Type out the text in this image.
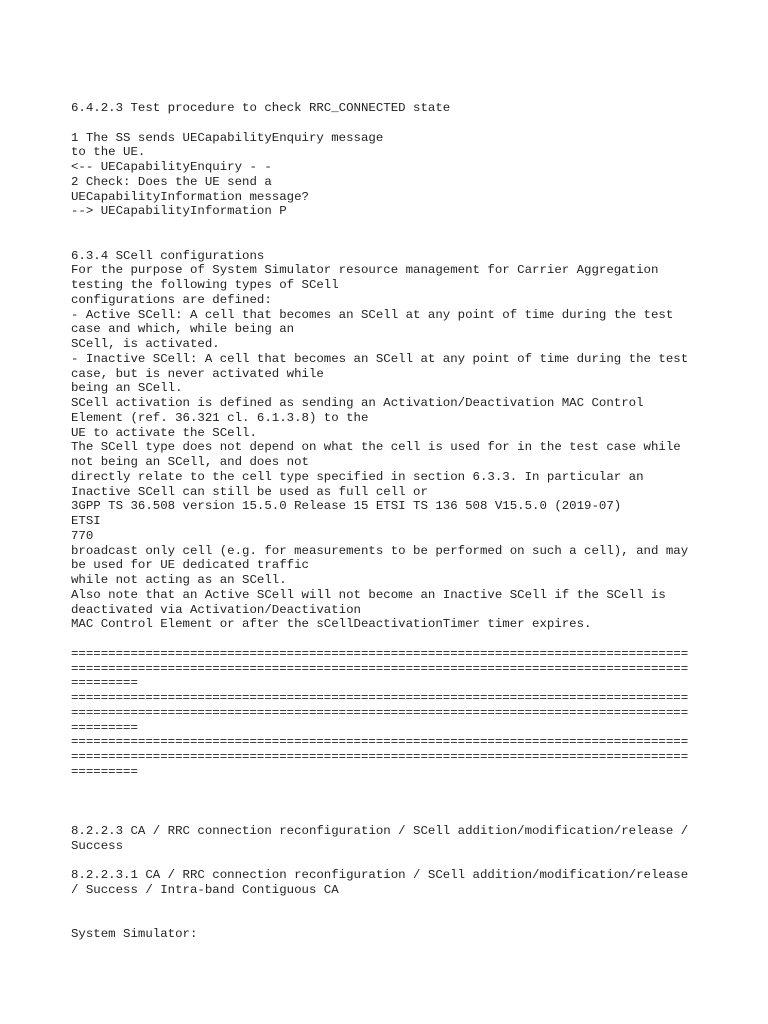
6.4.2.3 Test procedure to check RRC_CONNECTED state
1 The SS sends UECapabilityEnquiry message
to the UE.
<-- UECapabilityEnquiry - -
2 Check: Does the UE send a
UECapabilityInformation message?
--> UECapabilityInformation P
6.3.4 SCell configurations
For the purpose of System Simulator resource management for Carrier Aggregation
testing the following types of SCell
configurations are defined:
- Active SCell: A cell that becomes an SCell at any point of time during the test
case and which, while being an
SCell, is activated.
- Inactive SCell: A cell that becomes an SCell at any point of time during the test
case, but is never activated while
being an SCell.
SCell activation is defined as sending an Activation/Deactivation MAC Control
Element (ref. 36.321 cl. 6.1.3.8) to the
UE to activate the SCell.
The SCell type does not depend on what the cell is used for in the test case while
not being an SCell, and does not
directly relate to the cell type specified in section 6.3.3. In particular an
Inactive SCell can still be used as full cell or
3GPP TS 36.508 version 15.5.0 Release 15 ETSI TS 136 508 V15.5.0 (2019-07)
ETSI
770
broadcast only cell (e.g. for measurements to be performed on such a cell), and may
be used for UE dedicated traffic
while not acting as an SCell.
Also note that an Active SCell will not become an Inactive SCell if the SCell is
deactivated via Activation/Deactivation
MAC Control Element or after the sCellDeactivationTimer timer expires.
===================================================================================
===================================================================================
=========
===================================================================================
===================================================================================
=========
===================================================================================
===================================================================================
=========
8.2.2.3 CA / RRC connection reconfiguration / SCell addition/modification/release /
Success
8.2.2.3.1 CA / RRC connection reconfiguration / SCell addition/modification/release
/ Success / Intra-band Contiguous CA
System Simulator:
